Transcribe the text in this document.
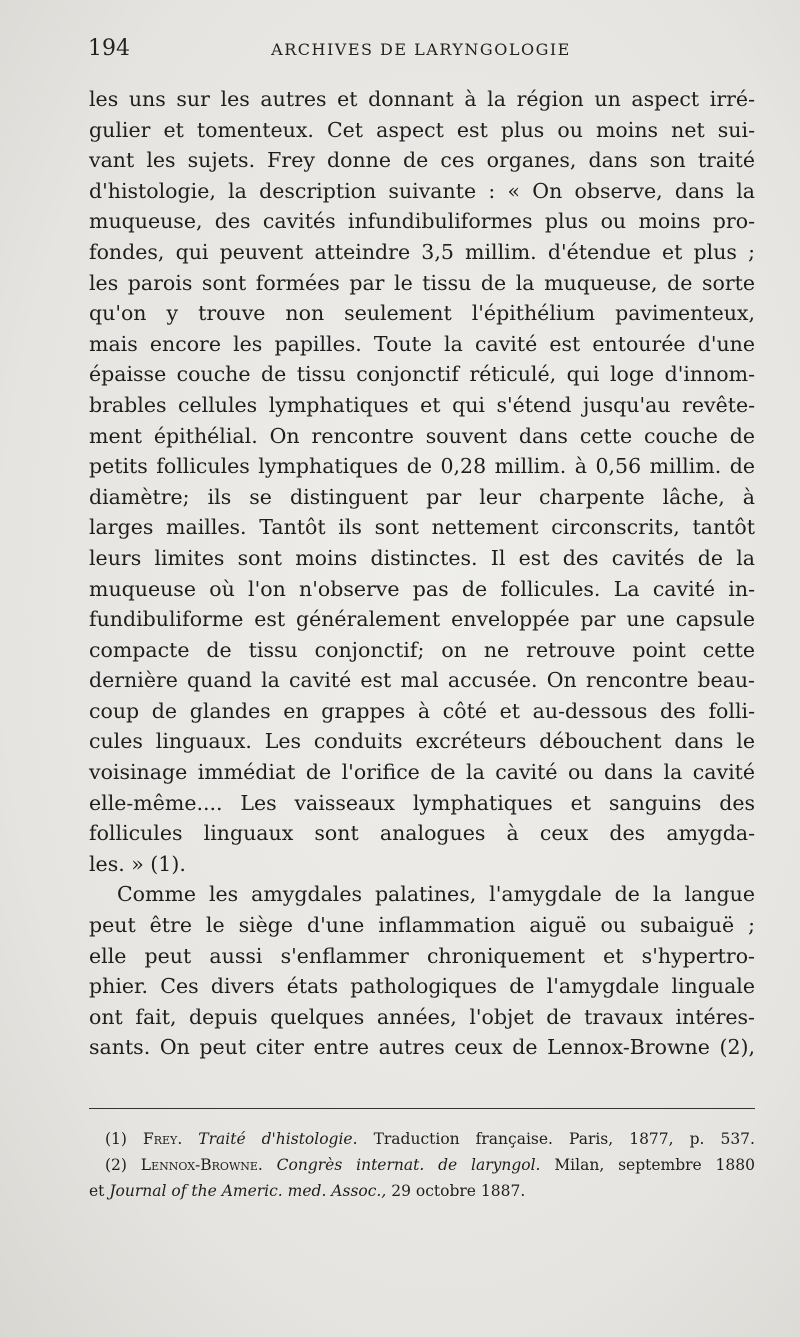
194	ARCHIVES DE LARYNGOLOGIE
les uns sur les autres et donnant à la région un aspect irré-
gulier et tomenteux. Cet aspect est plus ou moins net sui-
vant les sujets. Frey donne de ces organes, dans son traité
d'histologie, la description suivante : « On observe, dans la
muqueuse, des cavités infundibuliformes plus ou moins pro-
fondes, qui peuvent atteindre 3,5 millim. d'étendue et plus ;
les parois sont formées par le tissu de la muqueuse, de sorte
qu'on y trouve non seulement l'épithélium pavimenteux,
mais encore les papilles. Toute la cavité est entourée d'une
épaisse couche de tissu conjonctif réticulé, qui loge d'innom-
brables cellules lymphatiques et qui s'étend jusqu'au revête-
ment épithélial. On rencontre souvent dans cette couche de
petits follicules lymphatiques de 0,28 millim. à 0,56 millim. de
diamètre; ils se distinguent par leur charpente lâche, à
larges mailles. Tantôt ils sont nettement circonscrits, tantôt
leurs limites sont moins distinctes. Il est des cavités de la
muqueuse où l'on n'observe pas de follicules. La cavité in-
fundibuliforme est généralement enveloppée par une capsule
compacte de tissu conjonctif; on ne retrouve point cette
dernière quand la cavité est mal accusée. On rencontre beau-
coup de glandes en grappes à côté et au-dessous des folli-
cules linguaux. Les conduits excréteurs débouchent dans le
voisinage immédiat de l'orifice de la cavité ou dans la cavité
elle-même.... Les vaisseaux lymphatiques et sanguins des
follicules linguaux sont analogues à ceux des amygda-
les. » (1).
Comme les amygdales palatines, l'amygdale de la langue
peut être le siège d'une inflammation aiguë ou subaiguë ;
elle peut aussi s'enflammer chroniquement et s'hypertro-
phier. Ces divers états pathologiques de l'amygdale linguale
ont fait, depuis quelques années, l'objet de travaux intéres-
sants. On peut citer entre autres ceux de Lennox-Browne (2),
(1) Frey. Traité d'histologie. Traduction française. Paris, 1877, p. 537.
(2) Lennox-Browne. Congrès internat. de laryngol. Milan, septembre 1880
et Journal of the Americ. med. Assoc., 29 octobre 1887.
